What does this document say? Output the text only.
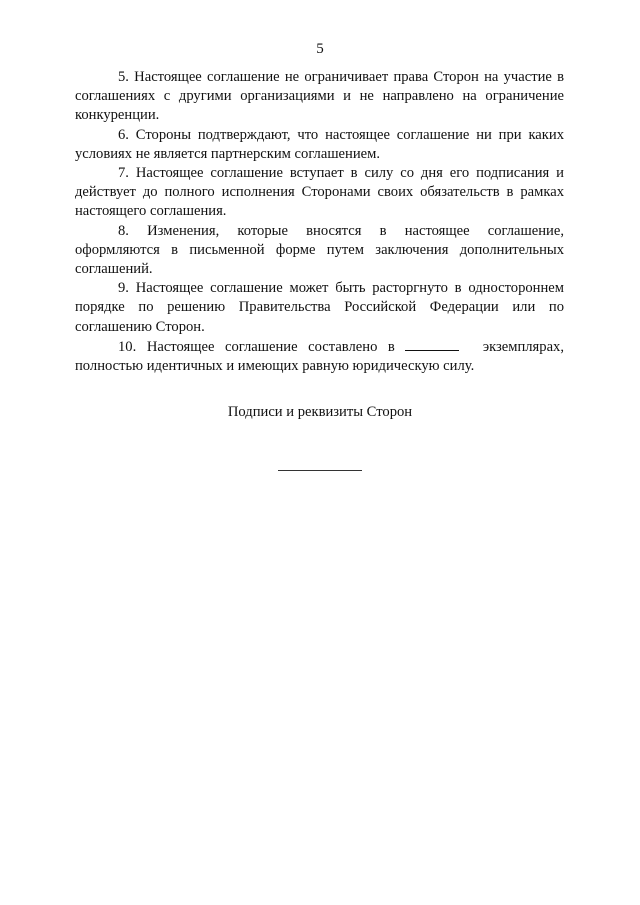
5

5. Настоящее соглашение не ограничивает права Сторон на участие в соглашениях с другими организациями и не направлено на ограничение конкуренции.

6. Стороны подтверждают, что настоящее соглашение ни при каких условиях не является партнерским соглашением.

7. Настоящее соглашение вступает в силу со дня его подписания и действует до полного исполнения Сторонами своих обязательств в рамках настоящего соглашения.

8. Изменения, которые вносятся в настоящее соглашение, оформляются в письменной форме путем заключения дополнительных соглашений.

9. Настоящее соглашение может быть расторгнуто в одностороннем порядке по решению Правительства Российской Федерации или по соглашению Сторон.

10. Настоящее соглашение составлено в	экземплярах, полностью идентичных и имеющих равную юридическую силу.

Подписи и реквизиты Сторон
